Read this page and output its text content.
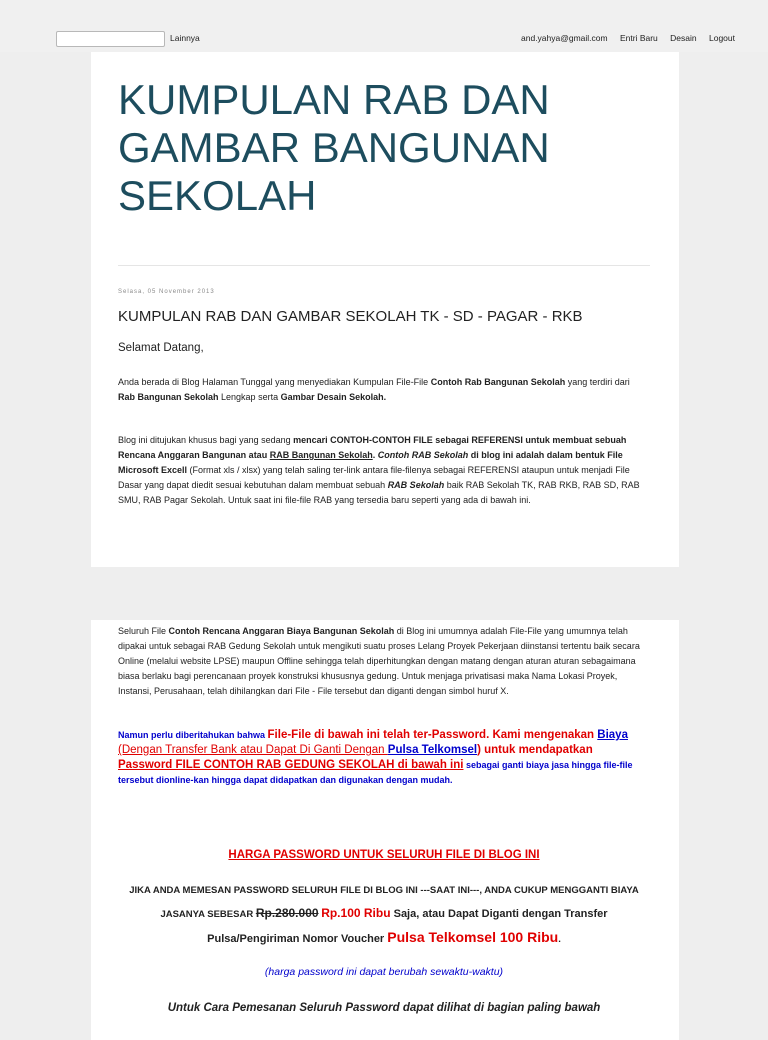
Lainnya	and.yahya@gmail.com Entri Baru Desain Logout
KUMPULAN RAB DAN GAMBAR BANGUNAN SEKOLAH
Selasa, 05 November 2013
KUMPULAN RAB DAN GAMBAR SEKOLAH TK - SD - PAGAR - RKB
Selamat Datang,

Anda berada di Blog Halaman Tunggal yang menyediakan Kumpulan File-File Contoh Rab Bangunan Sekolah yang terdiri dari Rab Bangunan Sekolah Lengkap serta Gambar Desain Sekolah.

Blog ini ditujukan khusus bagi yang sedang mencari CONTOH-CONTOH FILE sebagai REFERENSI untuk membuat sebuah Rencana Anggaran Bangunan atau RAB Bangunan Sekolah. Contoh RAB Sekolah di blog ini adalah dalam bentuk File Microsoft Excell (Format xls / xlsx) yang telah saling ter-link antara file-filenya sebagai REFERENSI ataupun untuk menjadi File Dasar yang dapat diedit sesuai kebutuhan dalam membuat sebuah RAB Sekolah baik RAB Sekolah TK, RAB RKB, RAB SD, RAB SMU, RAB Pagar Sekolah. Untuk saat ini file-file RAB yang tersedia baru seperti yang ada di bawah ini.

Seluruh File Contoh Rencana Anggaran Biaya Bangunan Sekolah di Blog ini umumnya adalah File-File yang umumnya telah dipakai untuk sebagai RAB Gedung Sekolah untuk mengikuti suatu proses Lelang Proyek Pekerjaan diinstansi tertentu baik secara Online (melalui website LPSE) maupun Offline sehingga telah diperhitungkan dengan matang dengan aturan aturan sebagaimana biasa berlaku bagi perencanaan proyek konstruksi khususnya gedung. Untuk menjaga privatisasi maka Nama Lokasi Proyek, Instansi, Perusahaan, telah dihilangkan dari File - File tersebut dan diganti dengan simbol huruf X.

Namun perlu diberitahukan bahwa File-File di bawah ini telah ter-Password. Kami mengenakan Biaya (Dengan Transfer Bank atau Dapat Di Ganti Dengan Pulsa Telkomsel) untuk mendapatkan Password FILE CONTOH RAB GEDUNG SEKOLAH di bawah ini sebagai ganti biaya jasa hingga file-file tersebut dionline-kan hingga dapat didapatkan dan digunakan dengan mudah.

HARGA PASSWORD UNTUK SELURUH FILE DI BLOG INI

JIKA ANDA MEMESAN PASSWORD SELURUH FILE DI BLOG INI ---SAAT INI---, ANDA CUKUP MENGGANTI BIAYA JASANYA SEBESAR Rp.280.000 Rp.100 Ribu Saja, atau Dapat Diganti dengan Transfer Pulsa/Pengiriman Nomor Voucher Pulsa Telkomsel 100 Ribu.

(harga password ini dapat berubah sewaktu-waktu)

Untuk Cara Pemesanan Seluruh Password dapat dilihat di bagian paling bawah
